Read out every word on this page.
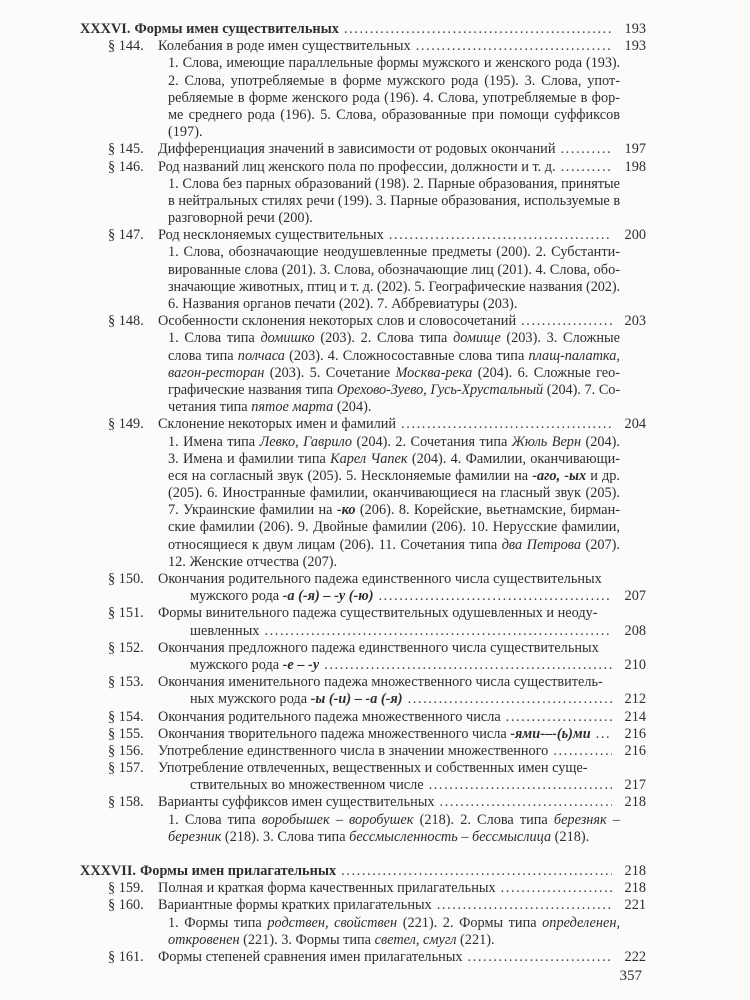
XXXVI. Формы имен существительных .....	193
§ 144. Колебания в роде имен существительных .....	193
1. Слова, имеющие параллельные формы мужского и женского рода (193).
2. Слова, употребляемые в форме мужского рода (195). 3. Слова, упот-
ребляемые в форме женского рода (196). 4. Слова, употребляемые в фор-
ме среднего рода (196). 5. Слова, образованные при помощи суффиксов
(197).
§ 145. Дифференциация значений в зависимости от родовых окончаний .....	197
§ 146. Род названий лиц женского пола по профессии, должности и т. д. .....	198
1. Слова без парных образований (198). 2. Парные образования, принятые
в нейтральных стилях речи (199). 3. Парные образования, используемые в
разговорной речи (200).
§ 147. Род несклоняемых существительных .....	200
1. Слова, обозначающие неодушевленные предметы (200). 2. Субстанти-
вированные слова (201). 3. Слова, обозначающие лиц (201). 4. Слова, обо-
значающие животных, птиц и т. д. (202). 5. Географические названия (202).
6. Названия органов печати (202). 7. Аббревиатуры (203).
§ 148. Особенности склонения некоторых слов и словосочетаний .....	203
1. Слова типа домишко (203). 2. Слова типа домище (203). 3. Сложные
слова типа полчаса (203). 4. Сложносоставные слова типа плащ-палатка,
вагон-ресторан (203). 5. Сочетание Москва-река (204). 6. Сложные гео-
графические названия типа Орехово-Зуево, Гусь-Хрустальный (204). 7. Со-
четания типа пятое марта (204).
§ 149. Склонение некоторых имен и фамилий .....	204
1. Имена типа Левко, Гаврило (204). 2. Сочетания типа Жюль Верн (204).
3. Имена и фамилии типа Карел Чапек (204). 4. Фамилии, оканчивающи-
еся на согласный звук (205). 5. Несклоняемые фамилии на -аго, -ых и др.
(205). 6. Иностранные фамилии, оканчивающиеся на гласный звук (205).
7. Украинские фамилии на -ко (206). 8. Корейские, вьетнамские, бирман-
ские фамилии (206). 9. Двойные фамилии (206). 10. Нерусские фамилии,
относящиеся к двум лицам (206). 11. Сочетания типа два Петрова (207).
12. Женские отчества (207).
§ 150. Окончания родительного падежа единственного числа существительных
мужского рода -а (-я) – -у (-ю) .....	207
§ 151. Формы винительного падежа существительных одушевленных и неоду-
шевленных .....	208
§ 152. Окончания предложного падежа единственного числа существительных
мужского рода -е – -у .....	210
§ 153. Окончания именительного падежа множественного числа существитель-
ных мужского рода -ы (-и) – -а (-я) .....	212
§ 154. Окончания родительного падежа множественного числа .....	214
§ 155. Окончания творительного падежа множественного числа -ями-–-(ь)ми .....	216
§ 156. Употребление единственного числа в значении множественного .....	216
§ 157. Употребление отвлеченных, вещественных и собственных имен суще-
ствительных во множественном числе .....	217
§ 158. Варианты суффиксов имен существительных .....	218
1. Слова типа воробышек – воробушек (218). 2. Слова типа березняк –
березник (218). 3. Слова типа бессмысленность – бессмыслица (218).
XXXVII. Формы имен прилагательных .....	218
§ 159. Полная и краткая форма качественных прилагательных .....	218
§ 160. Вариантные формы кратких прилагательных .....	221
1. Формы типа родствен, свойствен (221). 2. Формы типа определенен,
откровенен (221). 3. Формы типа светел, смугл (221).
§ 161. Формы степеней сравнения имен прилагательных .....	222
357
